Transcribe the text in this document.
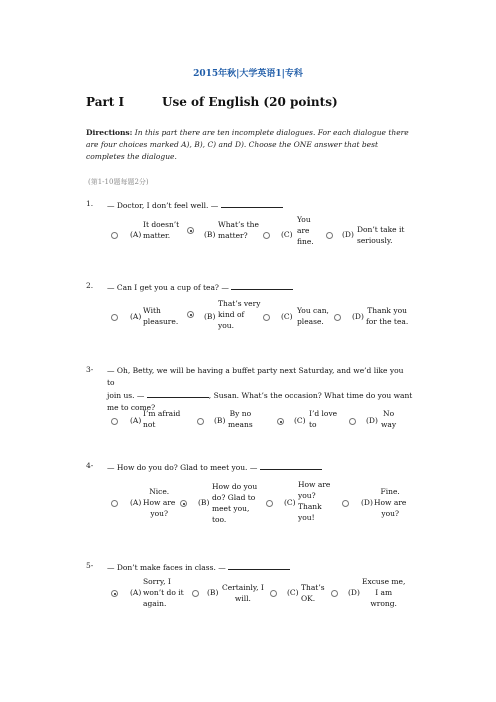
2015年秋|大学英语1|专科
Part I	Use of English (20 points)
Directions: In this part there are ten incomplete dialogues. For each dialogue there are four choices marked A), B), C) and D). Choose the ONE answer that best completes the dialogue.
(第1-10题每题2分)
1. — Doctor, I don’t feel well. —
(A)
It doesn’t
matter.	(B)
What’s the
matter?	(C)
You
are
fine.
(D)
Don’t take it
seriously.
2. — Can I get you a cup of tea? —
(A)
With
pleasure.
(B)
That’s very
kind of
you.
(C)
You can,
please.
(D)
Thank you
for the tea.
3- — Oh, Betty, we will be having a buffet party next Saturday, and we’d like you to
join us. —	, Susan. What’s the occasion? What time do you want
me to come?
(A)
I’m afraid
not	(B)
By no
means	(C)
I’d love
to	(D)
No
way
4- — How do you do? Glad to meet you. —
(A)
Nice.
How are
you?
(B)
How do you
do? Glad to
meet you,
too.
(C)
How are
you?
Thank
you!
(D)
Fine.
How are
you?
5- — Don’t make faces in class. —
(A)
Sorry, I
won’t do it
again.
(B)
Certainly, I
will.
(C)
That’s
OK.
(D)
Excuse me,
I am
wrong.
